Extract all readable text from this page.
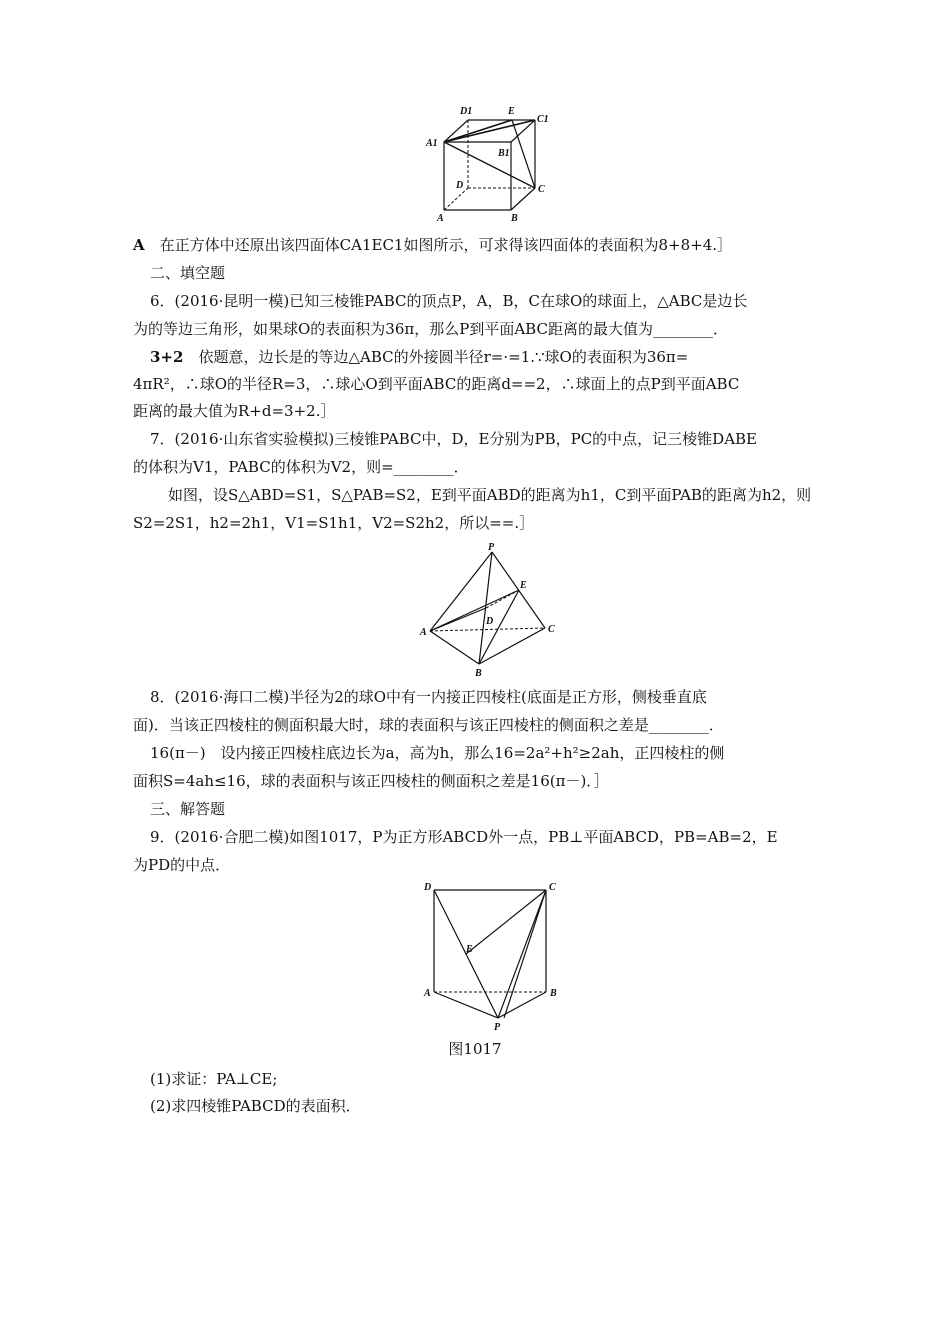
D1	E
C1
A1
B1
D	C
A	B
A　 在正方体中还原出该四面体CA1EC1如图所示，可求得该四面体的表面积为8+8+4.］
二、填空题
6．(2016·昆明一模)已知三棱锥PABC的顶点P，A，B，C在球O的球面上，△ABC是边长
为的等边三角形，如果球O的表面积为36π，那么P到平面ABC距离的最大值为________．
3+2　 依题意，边长是的等边△ABC的外接圆半径r=·=1.∵球O的表面积为36π=
4πR²，∴球O的半径R=3，∴球心O到平面ABC的距离d==2，∴球面上的点P到平面ABC
距离的最大值为R+d=3+2.］
7．(2016·山东省实验模拟)三棱锥PABC中，D，E分别为PB，PC的中点，记三棱锥DABE
的体积为V1，PABC的体积为V2，则=________．
如图，设S△ABD=S1，S△PAB=S2，E到平面ABD的距离为h1，C到平面PAB的距离为h2，则
S2=2S1，h2=2h1，V1=S1h1，V2=S2h2，所以==.］
P
E
D
A	C
B
8．(2016·海口二模)半径为2的球O中有一内接正四棱柱(底面是正方形，侧棱垂直底
面)．当该正四棱柱的侧面积最大时，球的表面积与该正四棱柱的侧面积之差是________．
16(π－)　设内接正四棱柱底边长为a，高为h，那么16=2a²+h²≥2ah，正四棱柱的侧
面积S=4ah≤16，球的表面积与该正四棱柱的侧面积之差是16(π－)．］
三、解答题
9．(2016·合肥二模)如图1017，P为正方形ABCD外一点，PB⊥平面ABCD，PB=AB=2，E
为PD的中点．
D	C
E
A	B
P
图1017
(1)求证：PA⊥CE;
(2)求四棱锥PABCD的表面积．
